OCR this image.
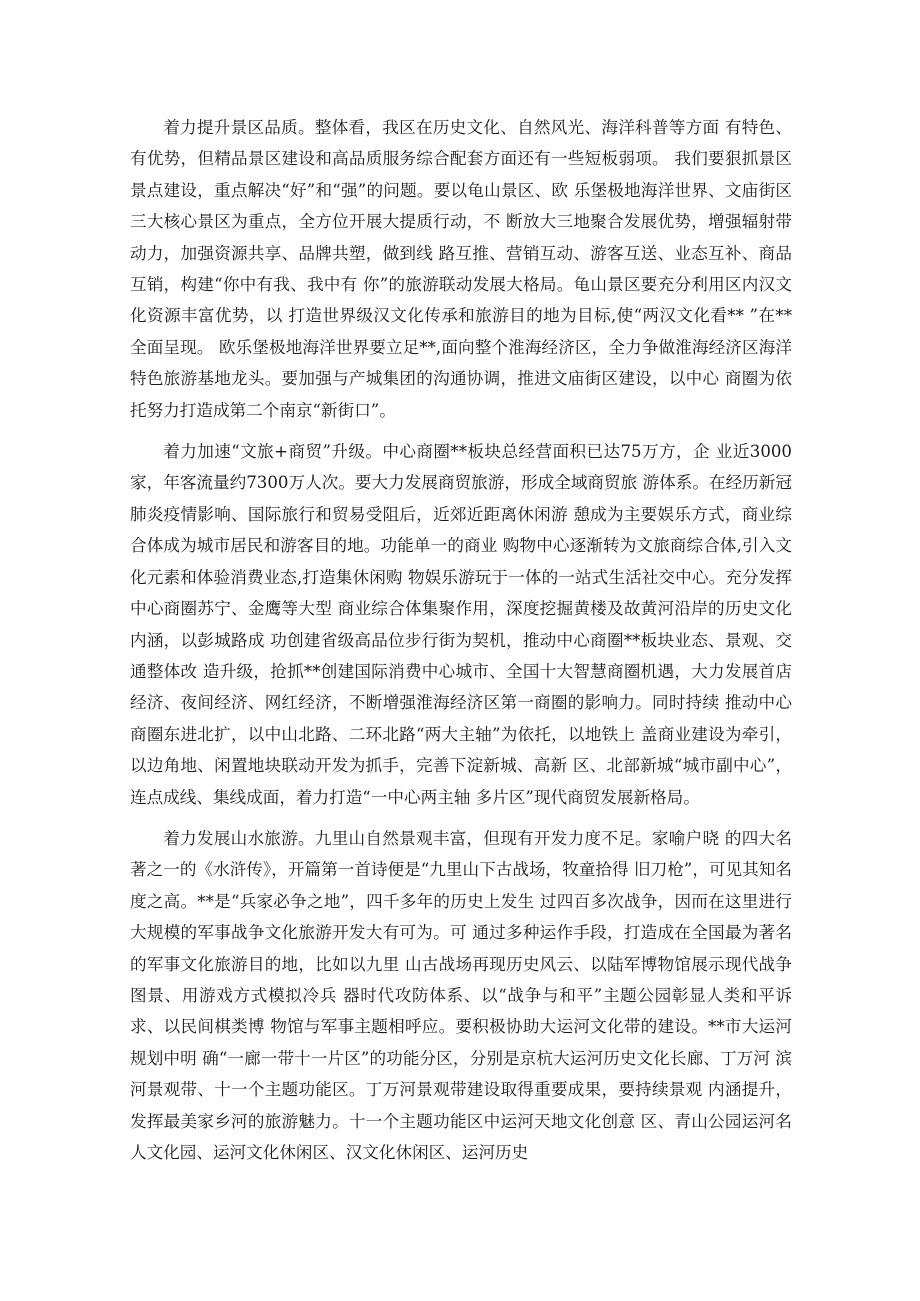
着力提升景区品质。整体看，我区在历史文化、自然风光、海洋科普等方面 有特色、有优势，但精品景区建设和高品质服务综合配套方面还有一些短板弱项。 我们要狠抓景区景点建设，重点解决“好”和“强”的问题。要以龟山景区、欧 乐堡极地海洋世界、文庙街区三大核心景区为重点，全方位开展大提质行动，不 断放大三地聚合发展优势，增强辐射带动力，加强资源共享、品牌共塑，做到线 路互推、营销互动、游客互送、业态互补、商品互销，构建“你中有我、我中有 你”的旅游联动发展大格局。龟山景区要充分利用区内汉文化资源丰富优势，以 打造世界级汉文化传承和旅游目的地为目标,使“两汉文化看** ”在**全面呈现。 欧乐堡极地海洋世界要立足**,面向整个淮海经济区，全力争做淮海经济区海洋 特色旅游基地龙头。要加强与产城集团的沟通协调，推进文庙街区建设，以中心 商圈为依托努力打造成第二个南京“新街口”。

着力加速“文旅+商贸”升级。中心商圈**板块总经营面积已达75万方，企 业近3000家，年客流量约7300万人次。要大力发展商贸旅游，形成全域商贸旅 游体系。在经历新冠肺炎疫情影响、国际旅行和贸易受阻后，近郊近距离休闲游 憩成为主要娱乐方式，商业综合体成为城市居民和游客目的地。功能单一的商业 购物中心逐渐转为文旅商综合体,引入文化元素和体验消费业态,打造集休闲购 物娱乐游玩于一体的一站式生活社交中心。充分发挥中心商圈苏宁、金鹰等大型 商业综合体集聚作用，深度挖掘黄楼及故黄河沿岸的历史文化内涵，以彭城路成 功创建省级高品位步行街为契机，推动中心商圈**板块业态、景观、交通整体改 造升级，抢抓**创建国际消费中心城市、全国十大智慧商圈机遇，大力发展首店 经济、夜间经济、网红经济，不断增强淮海经济区第一商圈的影响力。同时持续 推动中心商圈东进北扩，以中山北路、二环北路“两大主轴”为依托，以地铁上 盖商业建设为牵引，以边角地、闲置地块联动开发为抓手，完善下淀新城、高新 区、北部新城“城市副中心”，连点成线、集线成面，着力打造“一中心两主轴 多片区”现代商贸发展新格局。

着力发展山水旅游。九里山自然景观丰富，但现有开发力度不足。家喻户晓 的四大名著之一的《水浒传》，开篇第一首诗便是“九里山下古战场，牧童拾得 旧刀枪”，可见其知名度之高。**是“兵家必争之地”，四千多年的历史上发生 过四百多次战争，因而在这里进行大规模的军事战争文化旅游开发大有可为。可 通过多种运作手段，打造成在全国最为著名的军事文化旅游目的地，比如以九里 山古战场再现历史风云、以陆军博物馆展示现代战争图景、用游戏方式模拟冷兵 器时代攻防体系、以“战争与和平”主题公园彰显人类和平诉求、以民间棋类博 物馆与军事主题相呼应。要积极协助大运河文化带的建设。**市大运河规划中明 确“一廊一带十一片区”的功能分区，分别是京杭大运河历史文化长廊、丁万河 滨河景观带、十一个主题功能区。丁万河景观带建设取得重要成果，要持续景观 内涵提升，发挥最美家乡河的旅游魅力。十一个主题功能区中运河天地文化创意 区、青山公园运河名人文化园、运河文化休闲区、汉文化休闲区、运河历史
